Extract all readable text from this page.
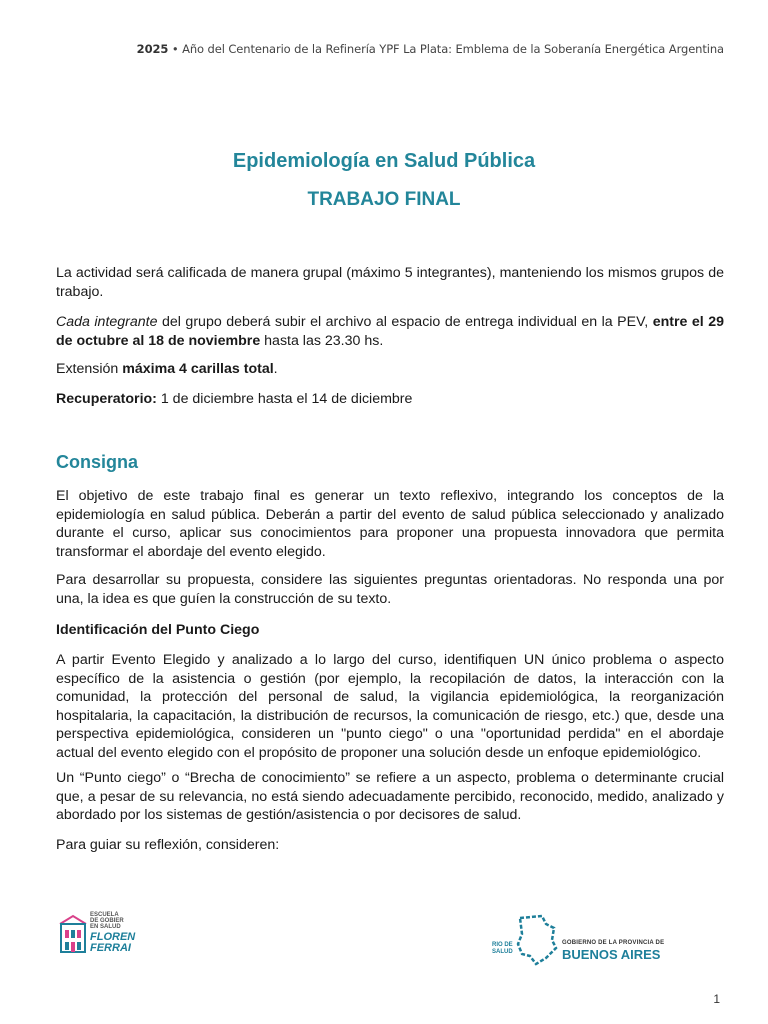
2025 • Año del Centenario de la Refinería YPF La Plata: Emblema de la Soberanía Energética Argentina
Epidemiología en Salud Pública
TRABAJO FINAL

La actividad será calificada de manera grupal (máximo 5 integrantes), manteniendo los mismos grupos de trabajo.

Cada integrante del grupo deberá subir el archivo al espacio de entrega individual en la PEV, entre el 29 de octubre al 18 de noviembre hasta las 23.30 hs.

Extensión máxima 4 carillas total.

Recuperatorio: 1 de diciembre hasta el 14 de diciembre

Consigna

El objetivo de este trabajo final es generar un texto reflexivo, integrando los conceptos de la epidemiología en salud pública. Deberán a partir del evento de salud pública seleccionado y analizado durante el curso, aplicar sus conocimientos para proponer una propuesta innovadora que permita transformar el abordaje del evento elegido.

Para desarrollar su propuesta, considere las siguientes preguntas orientadoras. No responda una por una, la idea es que guíen la construcción de su texto.

Identificación del Punto Ciego

A partir Evento Elegido y analizado a lo largo del curso, identifiquen UN único problema o aspecto específico de la asistencia o gestión (por ejemplo, la recopilación de datos, la interacción con la comunidad, la protección del personal de salud, la vigilancia epidemiológica, la reorganización hospitalaria, la capacitación, la distribución de recursos, la comunicación de riesgo, etc.) que, desde una perspectiva epidemiológica, consideren un "punto ciego" o una "oportunidad perdida" en el abordaje actual del evento elegido con el propósito de proponer una solución desde un enfoque epidemiológico.

Un “Punto ciego” o “Brecha de conocimiento” se refiere a un aspecto, problema o determinante crucial que, a pesar de su relevancia, no está siendo adecuadamente percibido, reconocido, medido, analizado y abordado por los sistemas de gestión/asistencia o por decisores de salud.

Para guiar su reflexión, consideren:

ESCUELA
DE GOBIER
EN SALUD
FLOREN
FERRAI	RIO DE
SALUD
GOBIERNO DE LA PROVINCIA DE
BUENOS AIRES
1
